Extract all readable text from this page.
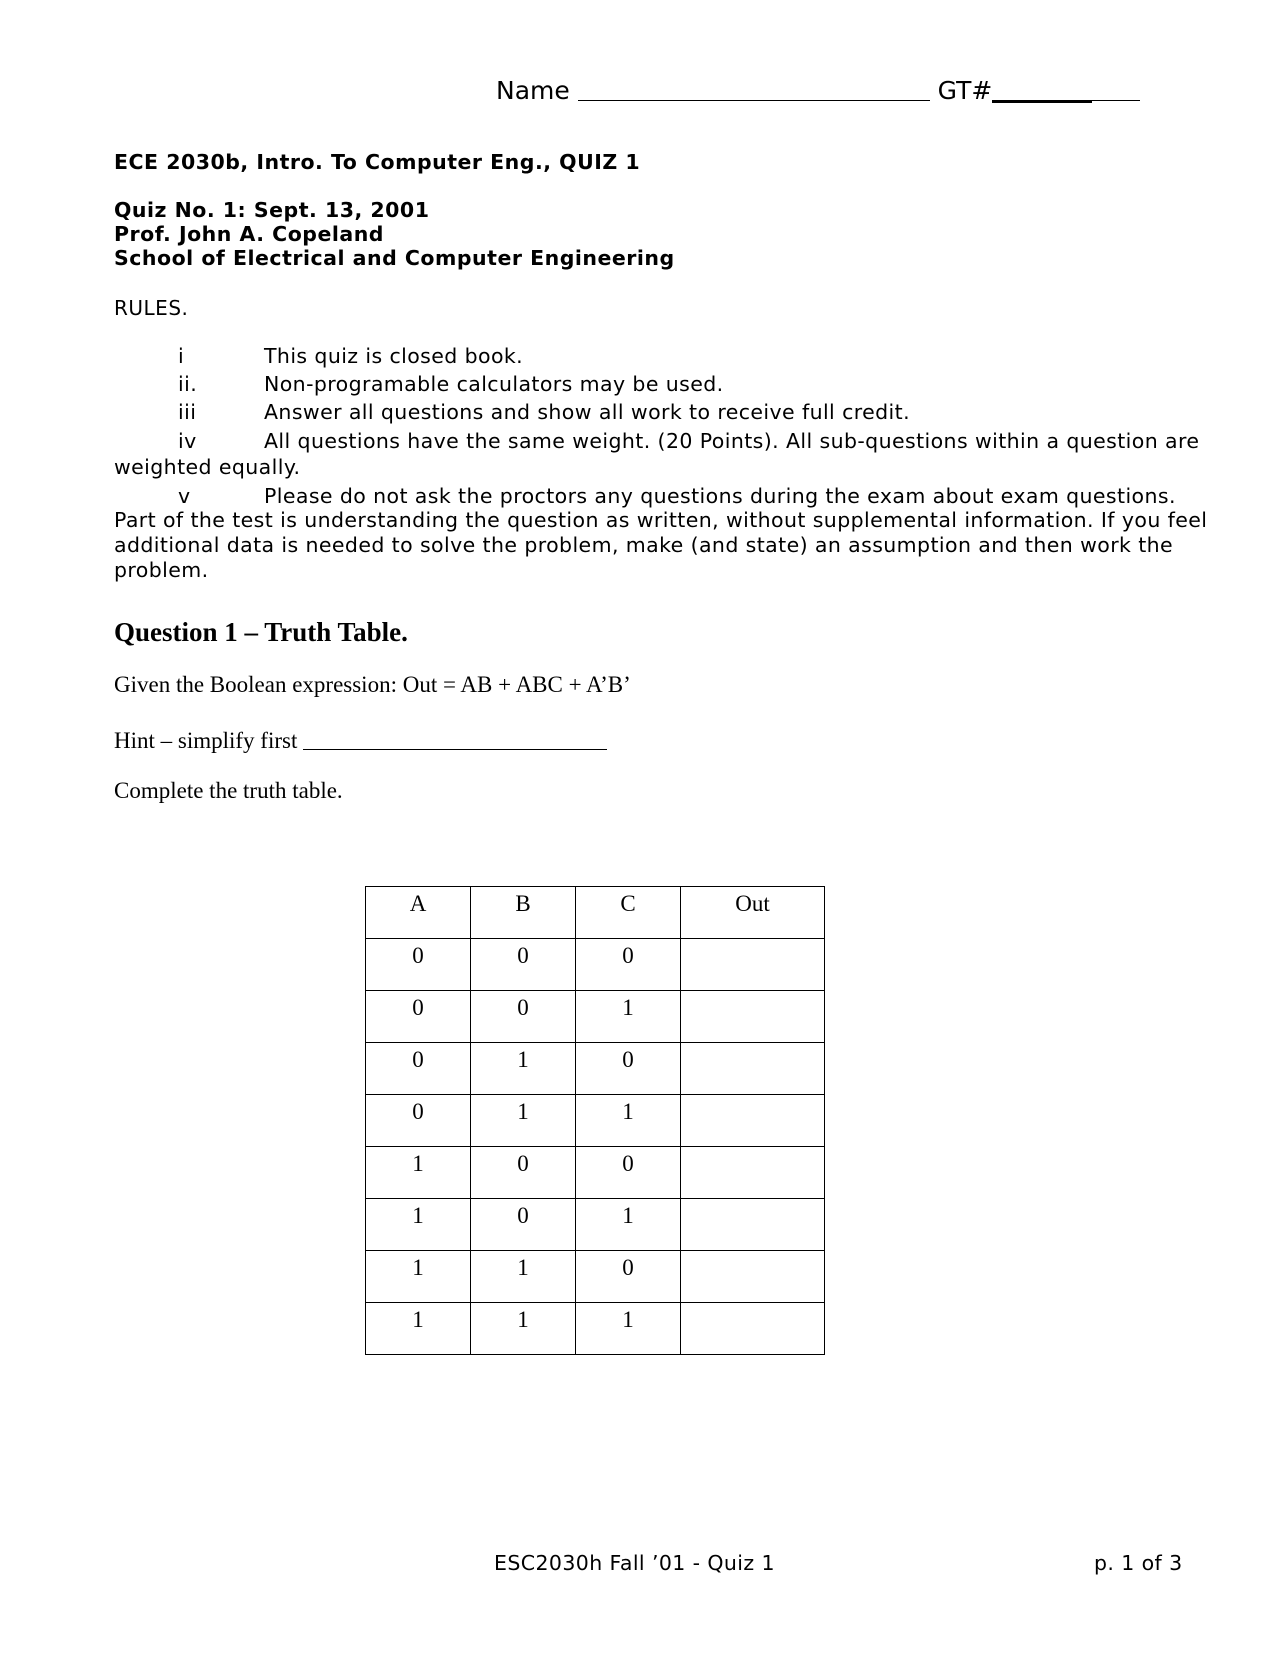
Name	GT#
ECE 2030b, Intro. To Computer Eng., QUIZ 1
Quiz No. 1: Sept. 13, 2001
Prof. John A. Copeland
School of Electrical and Computer Engineering
RULES.
i	This quiz is closed book.
ii.	Non-programable calculators may be used.
iii	Answer all questions and show all work to receive full credit.
iv	All questions have the same weight. (20 Points). All sub-questions within a question are
weighted equally.
v	Please do not ask the proctors any questions during the exam about exam questions.
Part of the test is understanding the question as written, without supplemental information. If you feel additional data is needed to solve the problem, make (and state) an assumption and then work the problem.
Question 1 – Truth Table.
Given the Boolean expression: Out = AB + ABC + A’B’
Hint – simplify first
Complete the truth table.
A	B	C	Out
0	0	0	
0	0	1	
0	1	0	
0	1	1	
1	0	0	
1	0	1	
1	1	0	
1	1	1	
ESC2030h Fall ’01 - Quiz 1	p. 1 of 3
